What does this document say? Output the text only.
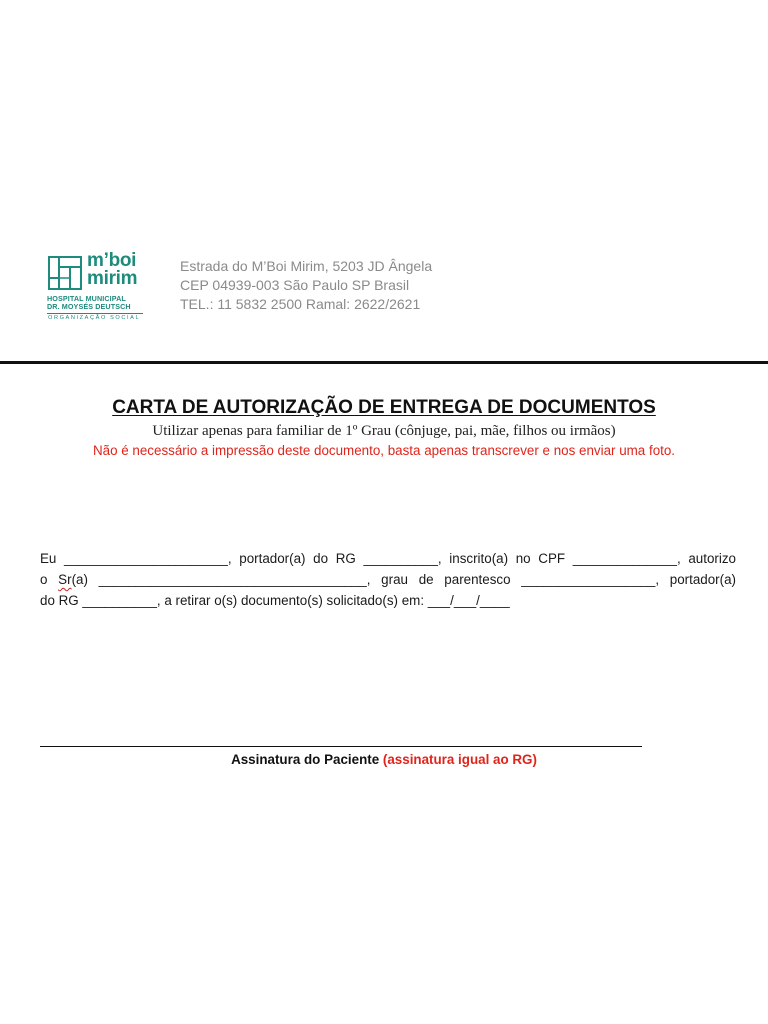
m’boi
mirim
HOSPITAL MUNICIPAL
DR. MOYSÉS DEUTSCH
ORGANIZAÇÃO SOCIAL
Estrada do M’Boi Mirim, 5203 JD Ângela
CEP 04939-003 São Paulo SP Brasil
TEL.: 11 5832 2500 Ramal: 2622/2621
CARTA DE AUTORIZAÇÃO DE ENTREGA DE DOCUMENTOS
Utilizar apenas para familiar de 1º Grau (cônjuge, pai, mãe, filhos ou irmãos)
Não é necessário a impressão deste documento, basta apenas transcrever e nos enviar uma foto.
Eu ______________________, portador(a) do RG __________, inscrito(a) no CPF ______________, autorizo
o Sr(a) ____________________________________, grau de parentesco __________________, portador(a)
do RG __________, a retirar o(s) documento(s) solicitado(s) em: ___/___/____
Assinatura do Paciente (assinatura igual ao RG)
